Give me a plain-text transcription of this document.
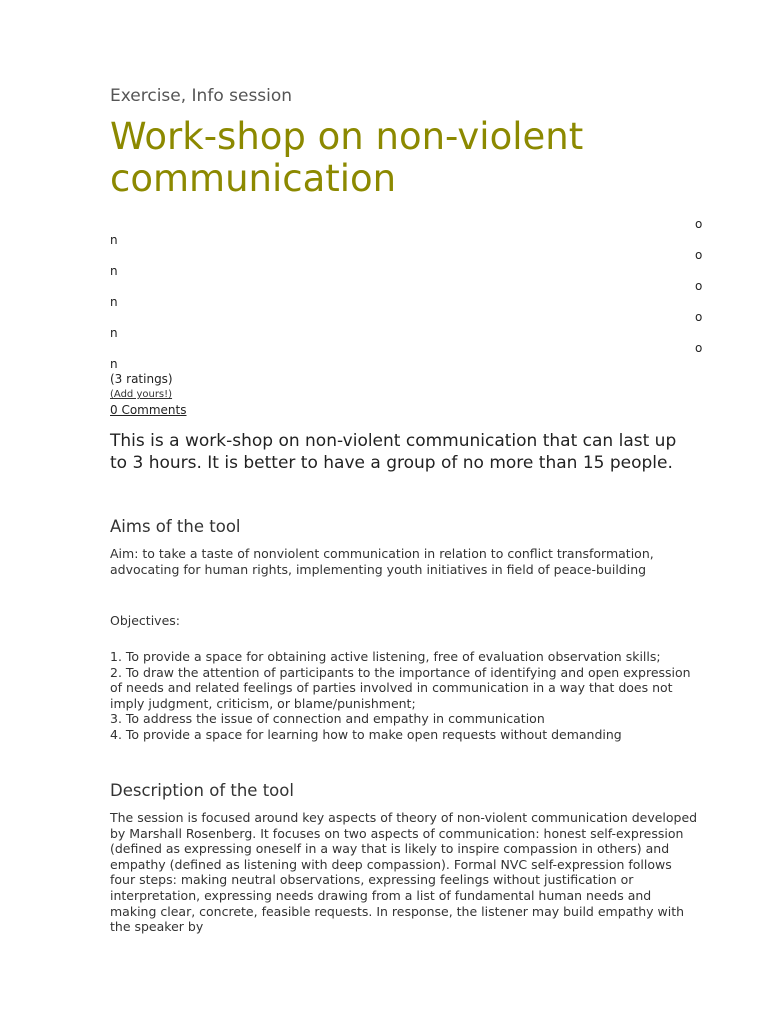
Exercise, Info session
Work-shop on non-violent communication
n
n
n
n
n
o
o
o
o
o
(3 ratings)
(Add yours!)
0 Comments

This is a work-shop on non-violent communication that can last up to 3 hours. It is better to have a group of no more than 15 people.

Aims of the tool

Aim: to take a taste of nonviolent communication in relation to conflict transformation, advocating for human rights, implementing youth initiatives in field of peace-building

Objectives:

1. To provide a space for obtaining active listening, free of evaluation observation skills;
2. To draw the attention of participants to the importance of identifying and open expression of needs and related feelings of parties involved in communication in a way that does not imply judgment, criticism, or blame/punishment;
3. To address the issue of connection and empathy in communication
4. To provide a space for learning how to make open requests without demanding
Description of the tool

The session is focused around key aspects of theory of non-violent communication developed by Marshall Rosenberg. It focuses on two aspects of communication: honest self-expression (defined as expressing oneself in a way that is likely to inspire compassion in others) and empathy (defined as listening with deep compassion). Formal NVC self-expression follows four steps: making neutral observations, expressing feelings without justification or interpretation, expressing needs drawing from a list of fundamental human needs and making clear, concrete, feasible requests. In response, the listener may build empathy with the speaker by
